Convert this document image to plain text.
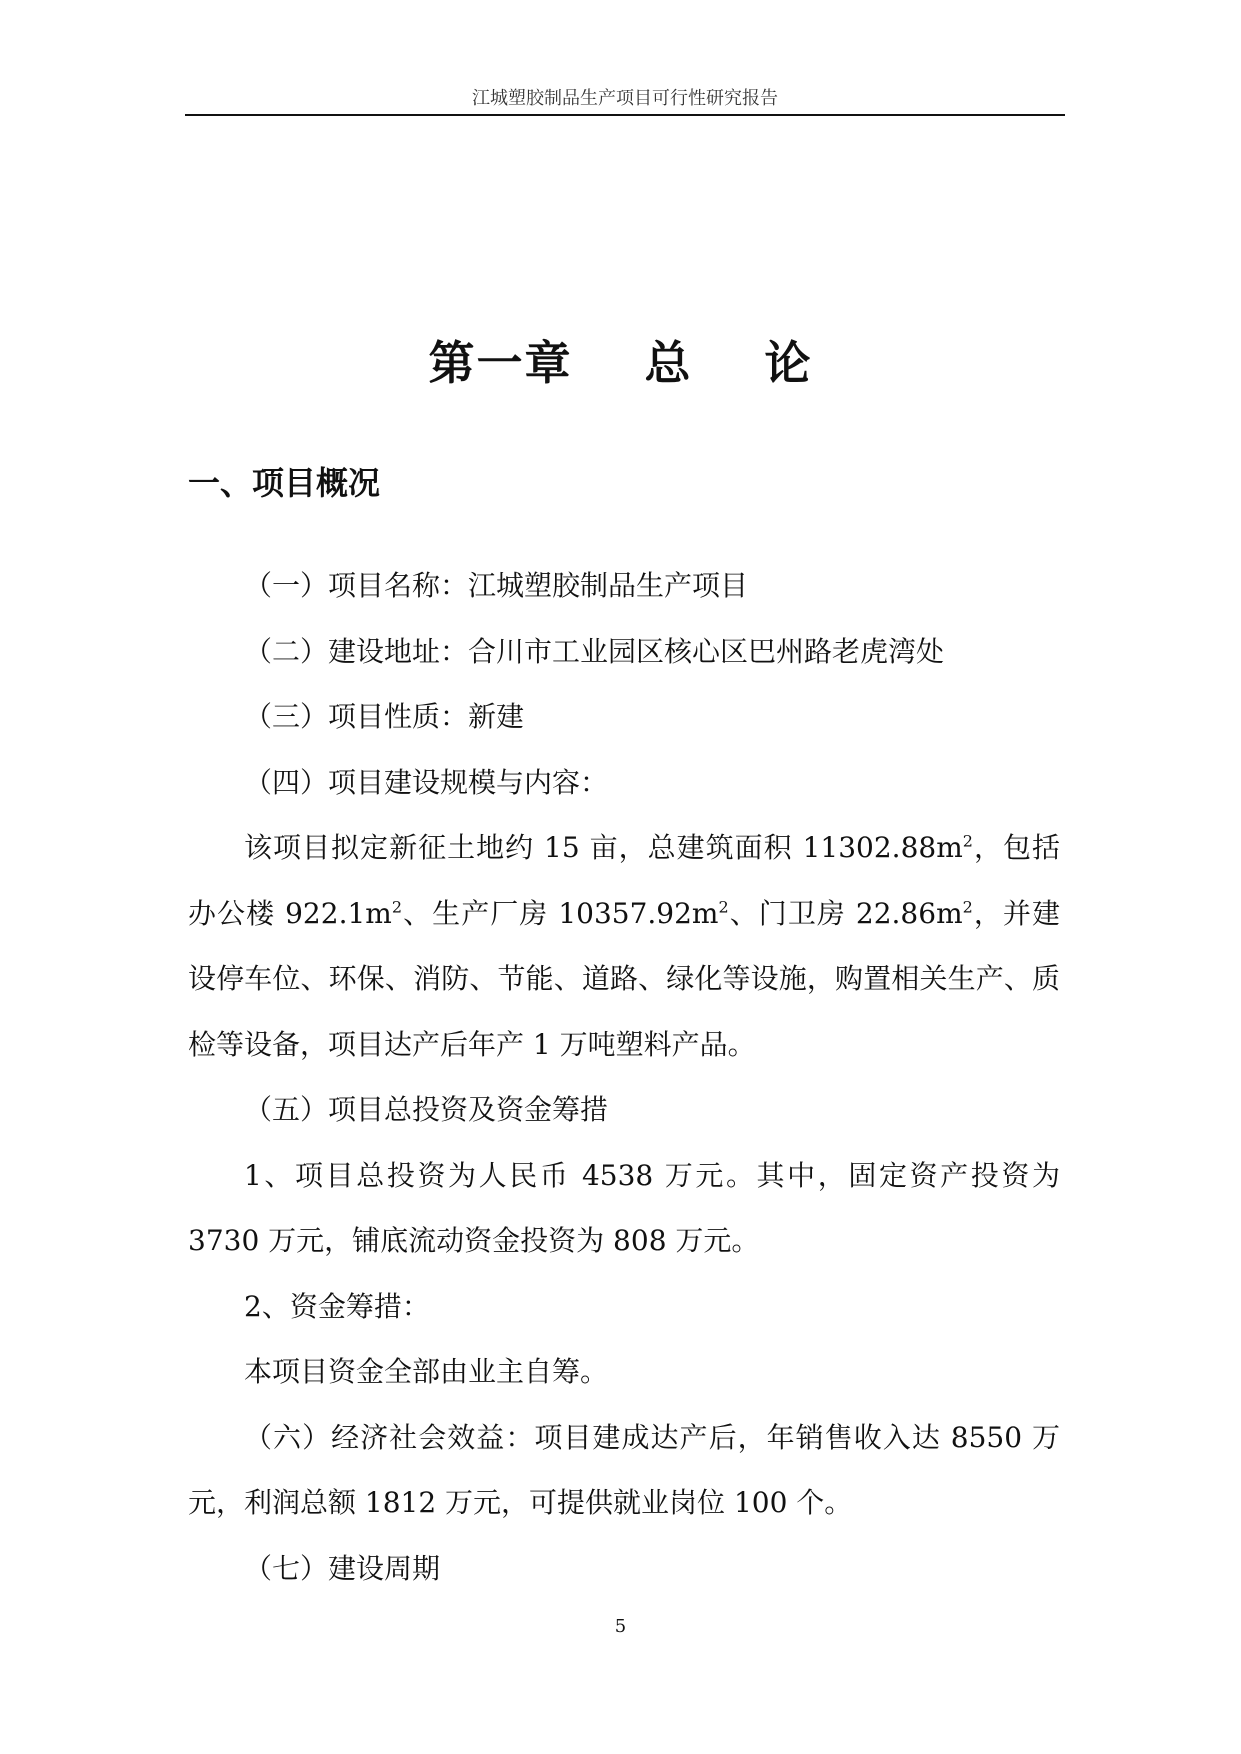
江城塑胶制品生产项目可行性研究报告
第一章    总    论
一、项目概况

（一）项目名称：江城塑胶制品生产项目

（二）建设地址：合川市工业园区核心区巴州路老虎湾处

（三）项目性质：新建

（四）项目建设规模与内容：

该项目拟定新征土地约 15 亩，总建筑面积 $11302.88m^2$，包括办公楼 $922.1m^2$、生产厂房 $10357.92m^2$、门卫房 $22.86m^2$，并建设停车位、环保、消防、节能、道路、绿化等设施，购置相关生产、质检等设备，项目达产后年产 1 万吨塑料产品。

（五）项目总投资及资金筹措

1、项目总投资为人民币 4538 万元。其中，固定资产投资为 3730 万元，铺底流动资金投资为 808 万元。

2、资金筹措：

本项目资金全部由业主自筹。

（六）经济社会效益：项目建成达产后，年销售收入达 8550 万元，利润总额 1812 万元，可提供就业岗位 100 个。

（七）建设周期

5
